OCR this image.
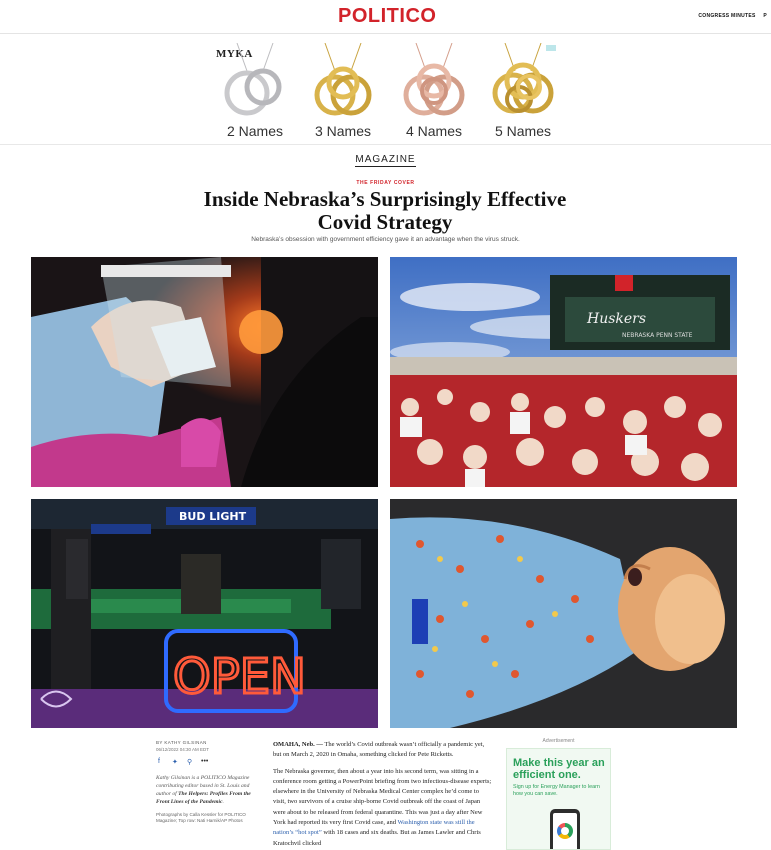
POLITICO	CONGRESS MINUTES P
MYKA
2 Names	3 Names	4 Names	5 Names
MAGAZINE
THE FRIDAY COVER
Inside Nebraska’s Surprisingly Effective Covid Strategy
Nebraska’s obsession with government efficiency gave it an advantage when the virus struck.
Huskers
NEBRASKA PENN STATE
BUD LIGHT
OPEN
BY KATHY GILSINAN
06/12/2022 04:30 AM EDT
f ✦ ⚲ •••
Kathy Gilsinan is a POLITICO Magazine contributing editor based in St. Louis and author of The Helpers: Profiles From the Front Lines of the Pandemic.
Photographs by Calla Kessler for POLITICO Magazine; Top row: Nati Harnik/AP Photos

OMAHA, Neb. — The world’s Covid outbreak wasn’t officially a pandemic yet, but on March 2, 2020 in Omaha, something clicked for Pete Ricketts.

The Nebraska governor, then about a year into his second term, was sitting in a conference room getting a PowerPoint briefing from two infectious-disease experts; elsewhere in the University of Nebraska Medical Center complex he’d come to visit, two survivors of a cruise ship-borne Covid outbreak off the coast of Japan were about to be released from federal quarantine. This was just a day after New York had reported its very first Covid case, and Washington state was still the nation’s “hot spot” with 18 cases and six deaths. But as James Lawler and Chris Kratochvil clicked

Advertisement
Make this year an efficient one.
Sign up for Energy Manager to learn how you can save.
